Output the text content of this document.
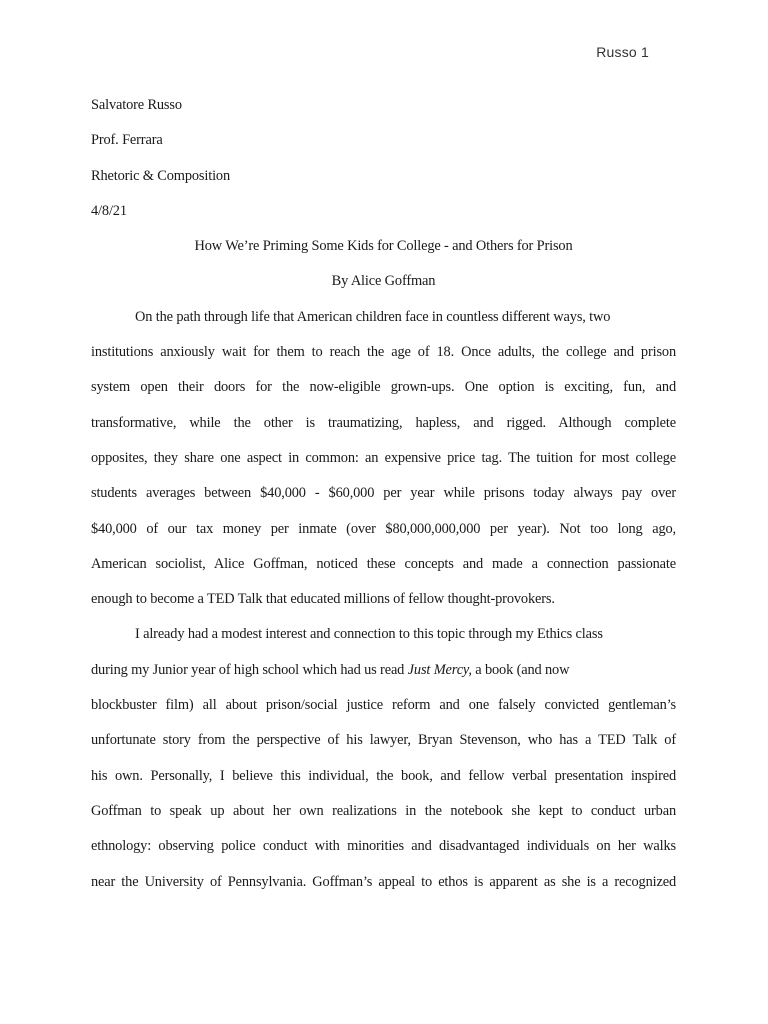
Russo 1
Salvatore Russo
Prof. Ferrara
Rhetoric & Composition
4/8/21
How We’re Priming Some Kids for College - and Others for Prison
By Alice Goffman
On the path through life that American children face in countless different ways, two
institutions anxiously wait for them to reach the age of 18. Once adults, the college and prison
system open their doors for the now-eligible grown-ups. One option is exciting, fun, and
transformative, while the other is traumatizing, hapless, and rigged. Although complete
opposites, they share one aspect in common: an expensive price tag. The tuition for most college
students averages between $40,000 - $60,000 per year while prisons today always pay over
$40,000 of our tax money per inmate (over $80,000,000,000 per year). Not too long ago,
American sociolist, Alice Goffman, noticed these concepts and made a connection passionate
enough to become a TED Talk that educated millions of fellow thought-provokers.
I already had a modest interest and connection to this topic through my Ethics class
during my Junior year of high school which had us read Just Mercy, a book (and now
blockbuster film) all about prison/social justice reform and one falsely convicted gentleman’s
unfortunate story from the perspective of his lawyer, Bryan Stevenson, who has a TED Talk of
his own. Personally, I believe this individual, the book, and fellow verbal presentation inspired
Goffman to speak up about her own realizations in the notebook she kept to conduct urban
ethnology: observing police conduct with minorities and disadvantaged individuals on her walks
near the University of Pennsylvania. Goffman’s appeal to ethos is apparent as she is a recognized
